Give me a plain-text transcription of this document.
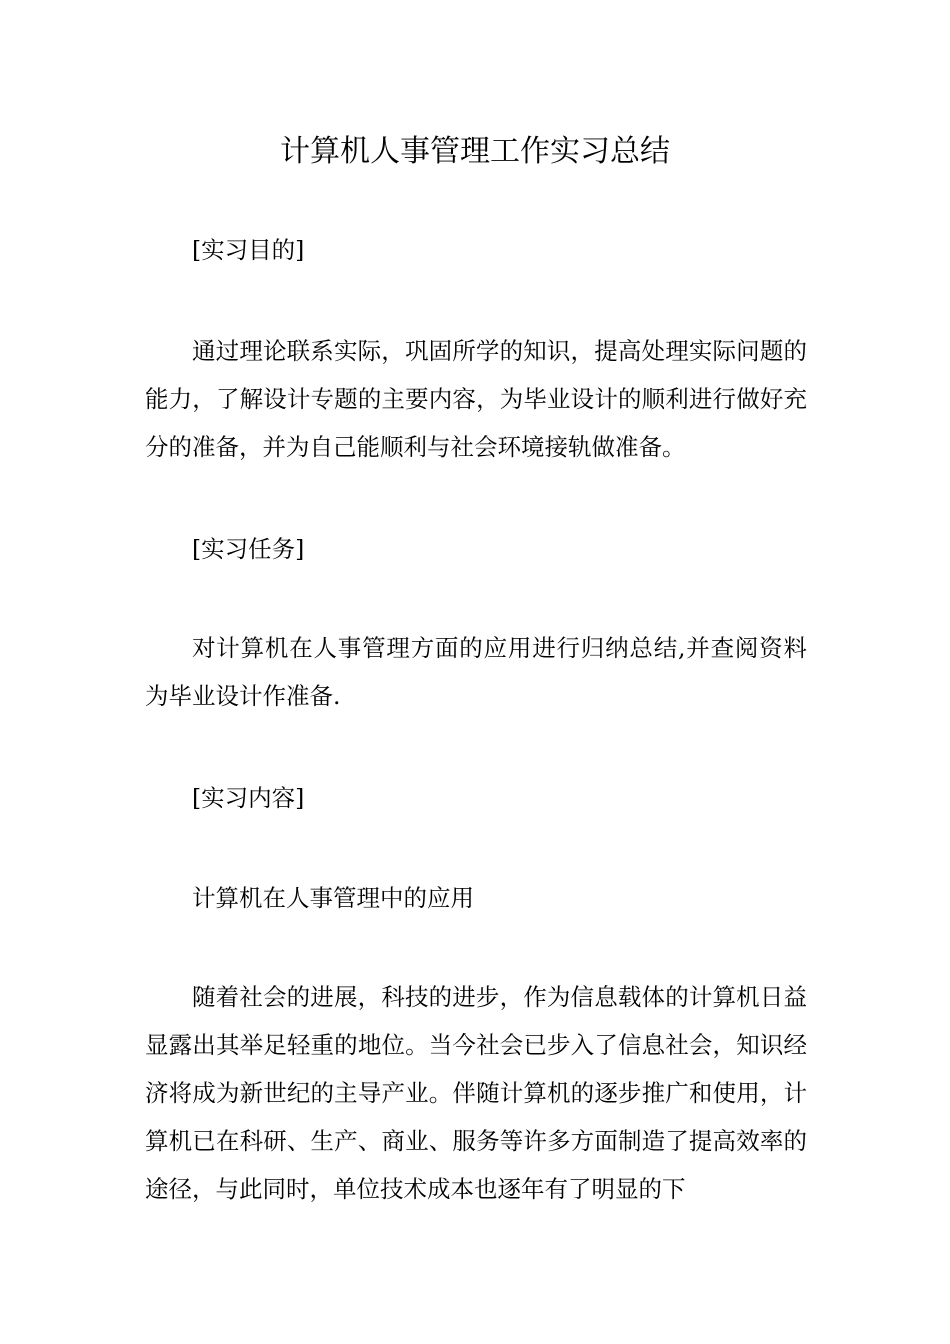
计算机人事管理工作实习总结

[实习目的]

通过理论联系实际，巩固所学的知识，提高处理实际问题的能力，了解设计专题的主要内容，为毕业设计的顺利进行做好充分的准备，并为自己能顺利与社会环境接轨做准备。

[实习任务]

对计算机在人事管理方面的应用进行归纳总结,并查阅资料为毕业设计作准备.

[实习内容]

计算机在人事管理中的应用

随着社会的进展，科技的进步，作为信息载体的计算机日益显露出其举足轻重的地位。当今社会已步入了信息社会，知识经济将成为新世纪的主导产业。伴随计算机的逐步推广和使用，计算机已在科研、生产、商业、服务等许多方面制造了提高效率的途径，与此同时，单位技术成本也逐年有了明显的下
